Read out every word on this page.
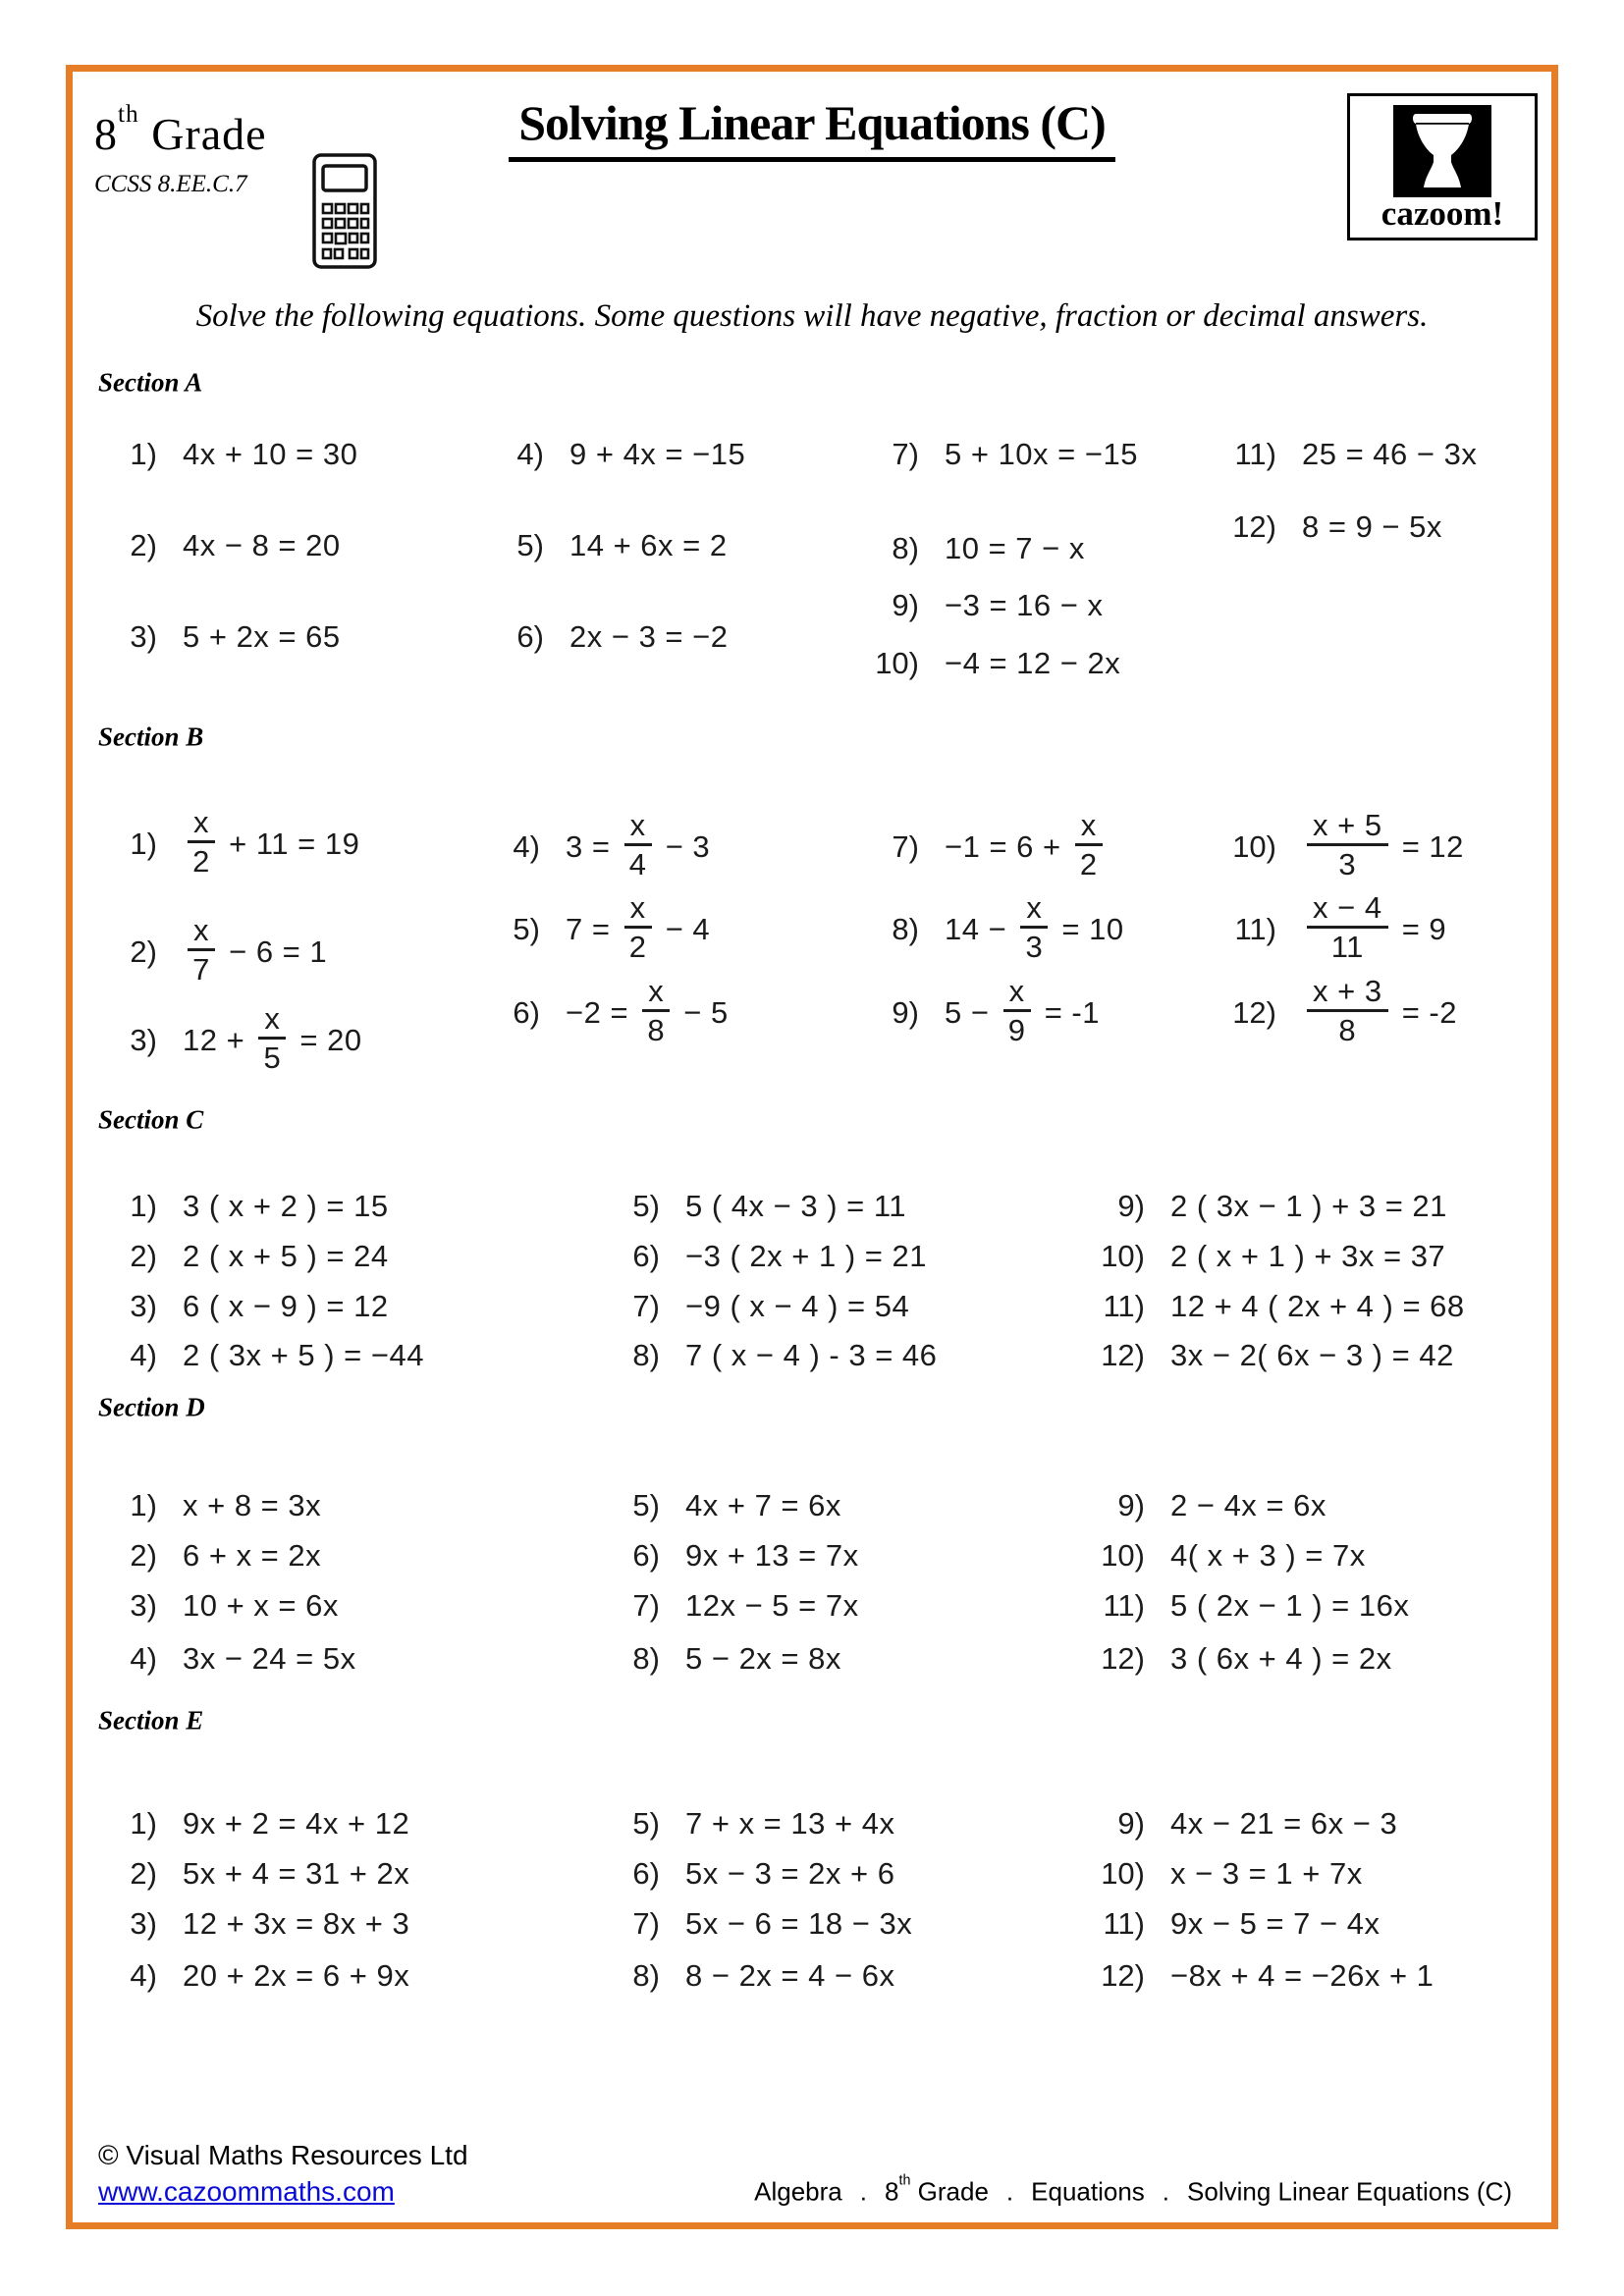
8th Grade
CCSS 8.EE.C.7
Solving Linear Equations (C)
cazoom!
Solve the following equations. Some questions will have negative, fraction or decimal answers.
Section A
1) 4x + 10 = 30
2) 4x − 8 = 20
3) 5 + 2x = 65
4) 9 + 4x = −15
5) 14 + 6x = 2
6) 2x − 3 = −2
7) 5 + 10x = −15
8) 10 = 7 − x
9) −3 = 16 − x
10) −4 = 12 − 2x
11) 25 = 46 − 3x
12) 8 = 9 − 5x
Section B
$1) \frac{x}{2} + 11 = 19$
$2) \frac{x}{7} - 6 = 1$
3) $12 + \frac{x}{5} = 20$
4) $3 = \frac{x}{4} - 3$
5) $7 = \frac{x}{2} - 4$
$6) -2 = \frac{x}{8} - 5$
$7) -1 = 6 + \frac{x}{2}$
8) $14 - \frac{x}{3} = 10$
9) $5 - \frac{x}{9} = -1$
$10) \frac{x + 5}{3} = 12$
$11) \frac{x - 4}{11} = 9$
$12) \frac{x + 3}{8} = -2$
Section C
1) 3 ( x + 2 ) = 15
2) 2 ( x + 5 ) = 24
3) 6 ( x − 9 ) = 12
4) 2 ( 3x + 5 ) = −44
5) 5 ( 4x − 3 ) = 11
6) −3 ( 2x + 1 ) = 21
7) −9 ( x − 4 ) = 54
8) 7 ( x − 4 ) - 3 = 46
9) 2 ( 3x − 1 ) + 3 = 21
10) 2 ( x + 1 ) + 3x = 37
11) 12 + 4 ( 2x + 4 ) = 68
12) 3x − 2( 6x − 3 ) = 42
Section D
1) x + 8 = 3x
2) 6 + x = 2x
3) 10 + x = 6x
4) 3x − 24 = 5x
5) 4x + 7 = 6x
6) 9x + 13 = 7x
7) 12x − 5 = 7x
8) 5 − 2x = 8x
9) 2 − 4x = 6x
10) 4( x + 3 ) = 7x
11) 5 ( 2x − 1 ) = 16x
12) 3 ( 6x + 4 ) = 2x
Section E
1) 9x + 2 = 4x + 12
2) 5x + 4 = 31 + 2x
3) 12 + 3x = 8x + 3
4) 20 + 2x = 6 + 9x
5) 7 + x = 13 + 4x
6) 5x − 3 = 2x + 6
7) 5x − 6 = 18 − 3x
8) 8 − 2x = 4 − 6x
9) 4x − 21 = 6x − 3
10) x − 3 = 1 + 7x
11) 9x − 5 = 7 − 4x
12) −8x + 4 = −26x + 1
© Visual Maths Resources Ltd
www.cazoommaths.com	Algebra . 8th Grade . Equations . Solving Linear Equations (C)
